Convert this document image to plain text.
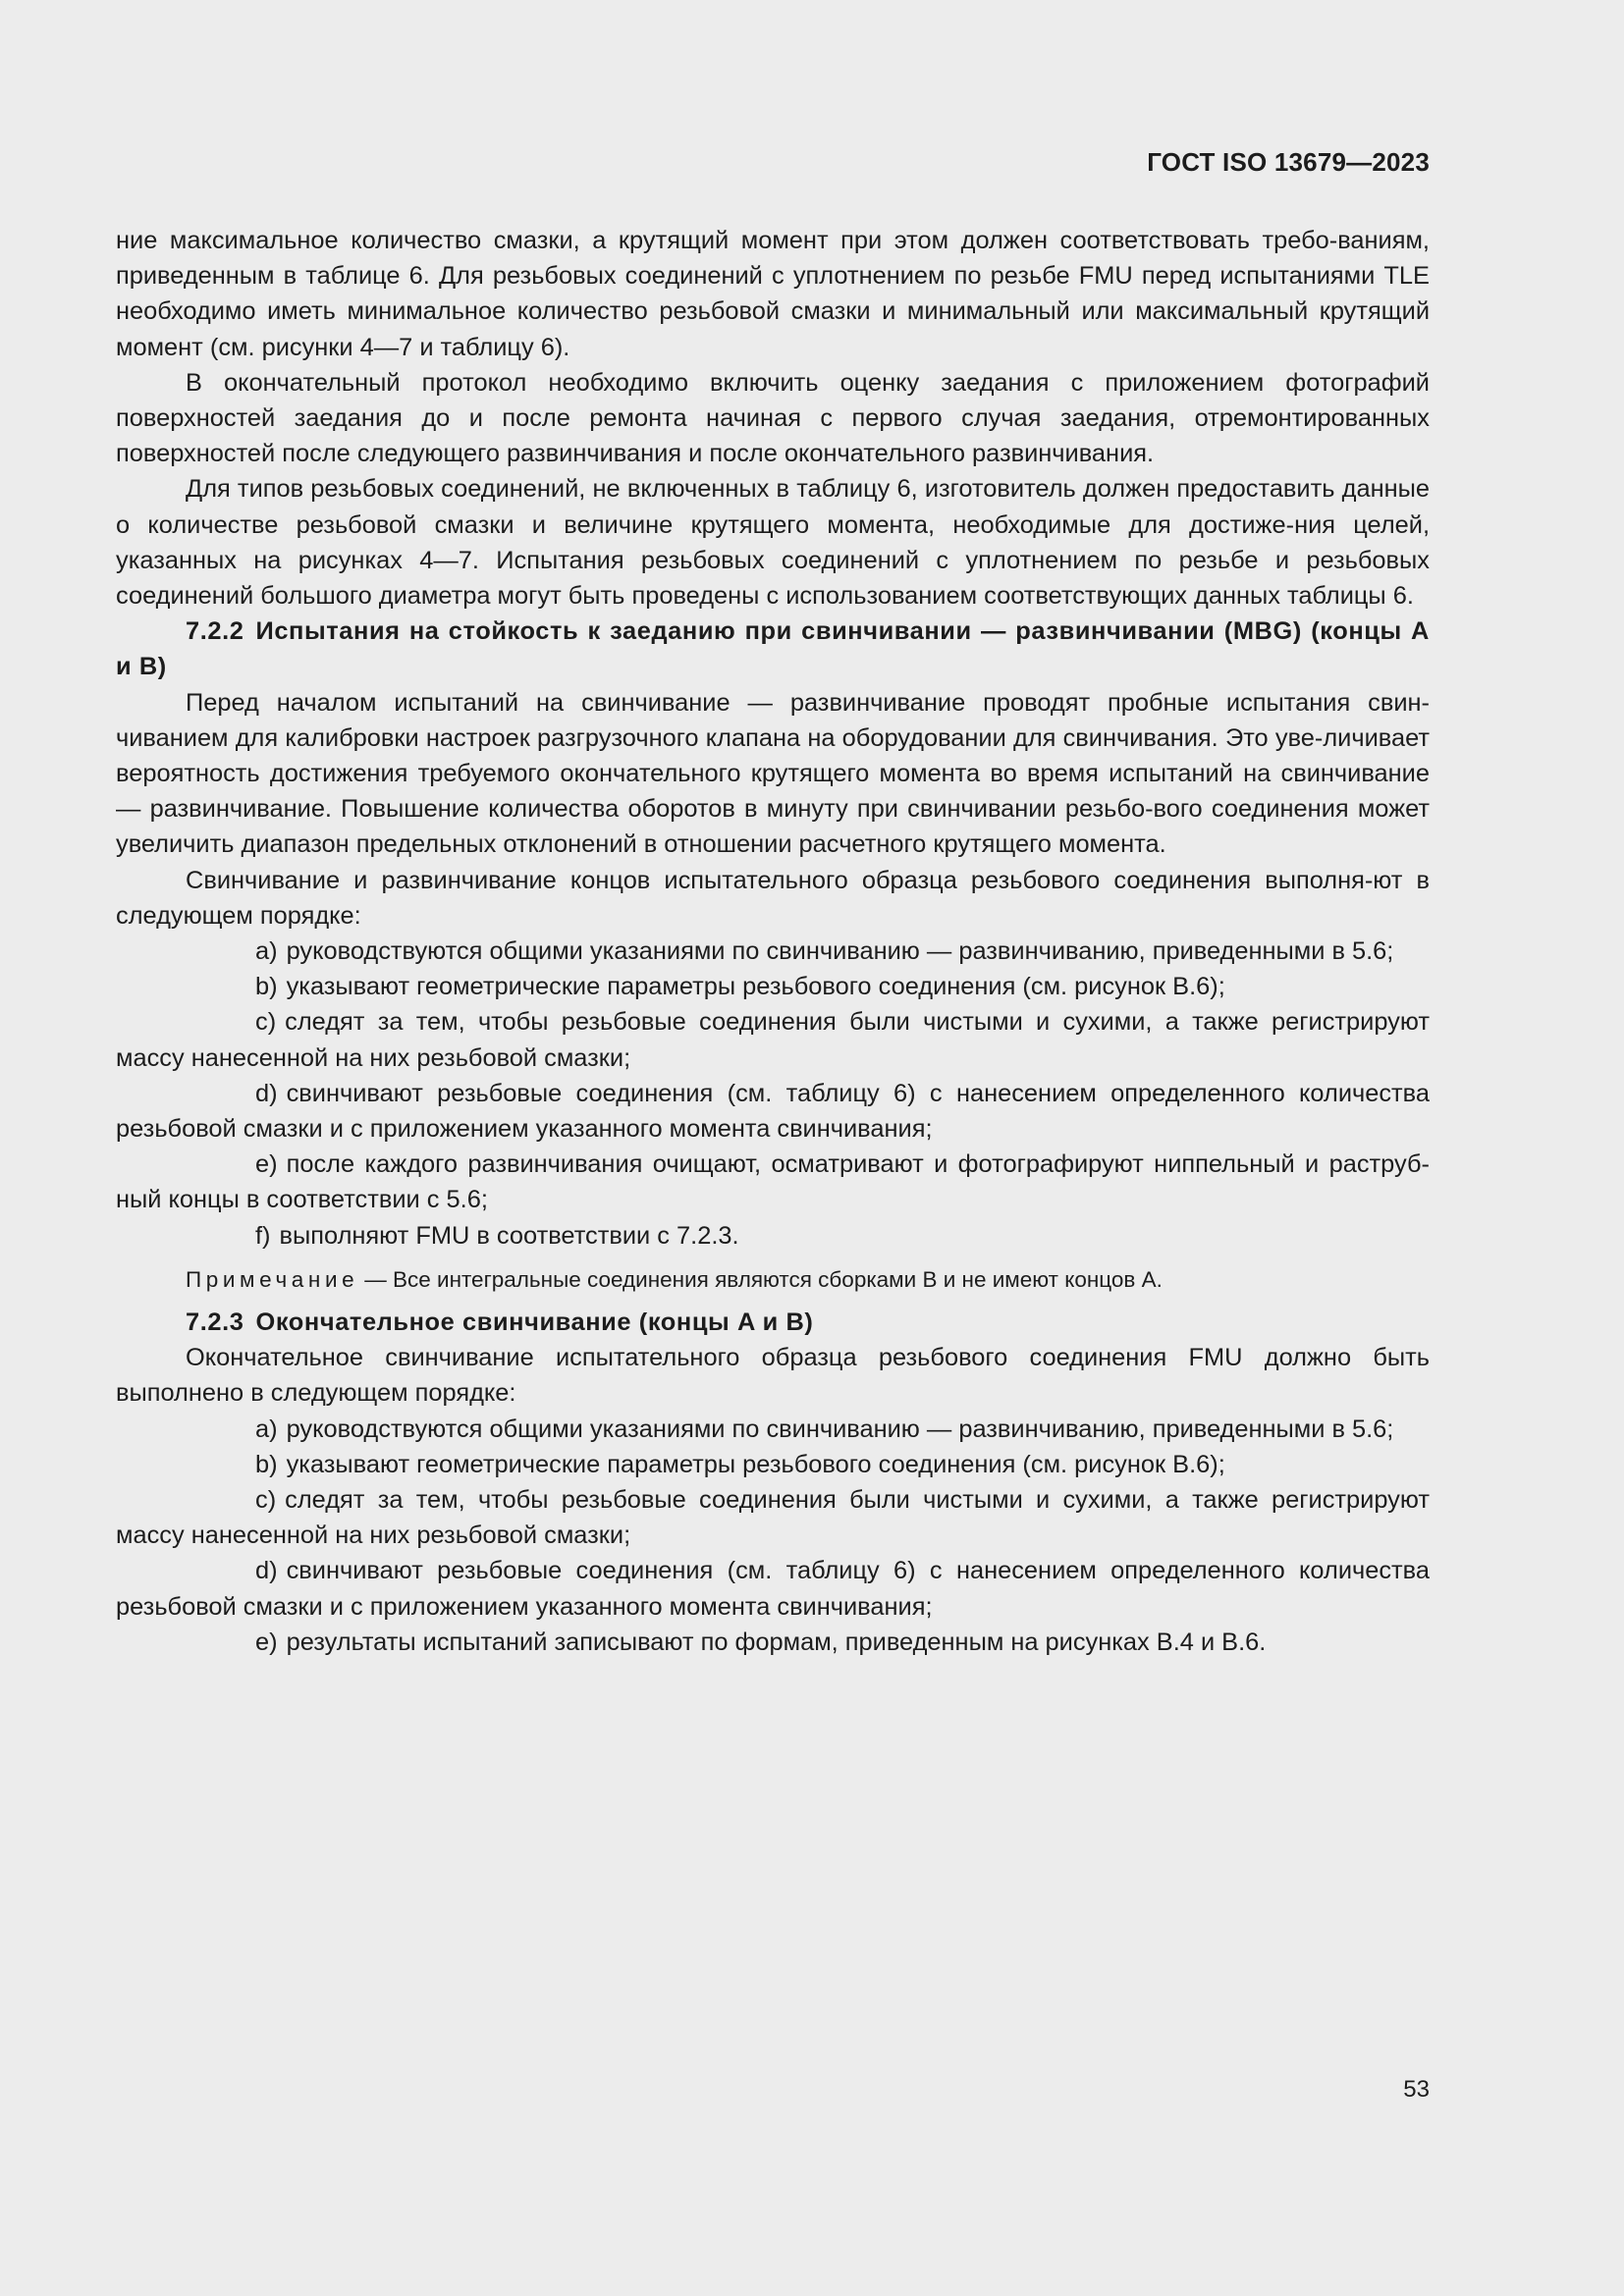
ГОСТ ISO 13679—2023

ние максимальное количество смазки, а крутящий момент при этом должен соответствовать требо-ваниям, приведенным в таблице 6. Для резьбовых соединений с уплотнением по резьбе FMU перед испытаниями TLE необходимо иметь минимальное количество резьбовой смазки и минимальный или максимальный крутящий момент (см. рисунки 4—7 и таблицу 6).

В окончательный протокол необходимо включить оценку заедания с приложением фотографий поверхностей заедания до и после ремонта начиная с первого случая заедания, отремонтированных поверхностей после следующего развинчивания и после окончательного развинчивания.

Для типов резьбовых соединений, не включенных в таблицу 6, изготовитель должен предоставить данные о количестве резьбовой смазки и величине крутящего момента, необходимые для достиже-ния целей, указанных на рисунках 4—7. Испытания резьбовых соединений с уплотнением по резьбе и резьбовых соединений большого диаметра могут быть проведены с использованием соответствующих данных таблицы 6.

7.2.2 Испытания на стойкость к заеданию при свинчивании — развинчивании (MBG) (концы A и B)

Перед началом испытаний на свинчивание — развинчивание проводят пробные испытания свин-чиванием для калибровки настроек разгрузочного клапана на оборудовании для свинчивания. Это уве-личивает вероятность достижения требуемого окончательного крутящего момента во время испытаний на свинчивание — развинчивание. Повышение количества оборотов в минуту при свинчивании резьбо-вого соединения может увеличить диапазон предельных отклонений в отношении расчетного крутящего момента.

Свинчивание и развинчивание концов испытательного образца резьбового соединения выполня-ют в следующем порядке:

a) руководствуются общими указаниями по свинчиванию — развинчиванию, приведенными в 5.6;

b) указывают геометрические параметры резьбового соединения (см. рисунок В.6);

c) следят за тем, чтобы резьбовые соединения были чистыми и сухими, а также регистрируют массу нанесенной на них резьбовой смазки;

d) свинчивают резьбовые соединения (см. таблицу 6) с нанесением определенного количества резьбовой смазки и с приложением указанного момента свинчивания;

e) после каждого развинчивания очищают, осматривают и фотографируют ниппельный и раструб-ный концы в соответствии с 5.6;

f) выполняют FMU в соответствии с 7.2.3.

Примечание — Все интегральные соединения являются сборками B и не имеют концов A.

7.2.3 Окончательное свинчивание (концы A и B)

Окончательное свинчивание испытательного образца резьбового соединения FMU должно быть выполнено в следующем порядке:

a) руководствуются общими указаниями по свинчиванию — развинчиванию, приведенными в 5.6;

b) указывают геометрические параметры резьбового соединения (см. рисунок В.6);

c) следят за тем, чтобы резьбовые соединения были чистыми и сухими, а также регистрируют массу нанесенной на них резьбовой смазки;

d) свинчивают резьбовые соединения (см. таблицу 6) с нанесением определенного количества резьбовой смазки и с приложением указанного момента свинчивания;

e) результаты испытаний записывают по формам, приведенным на рисунках В.4 и В.6.

53
